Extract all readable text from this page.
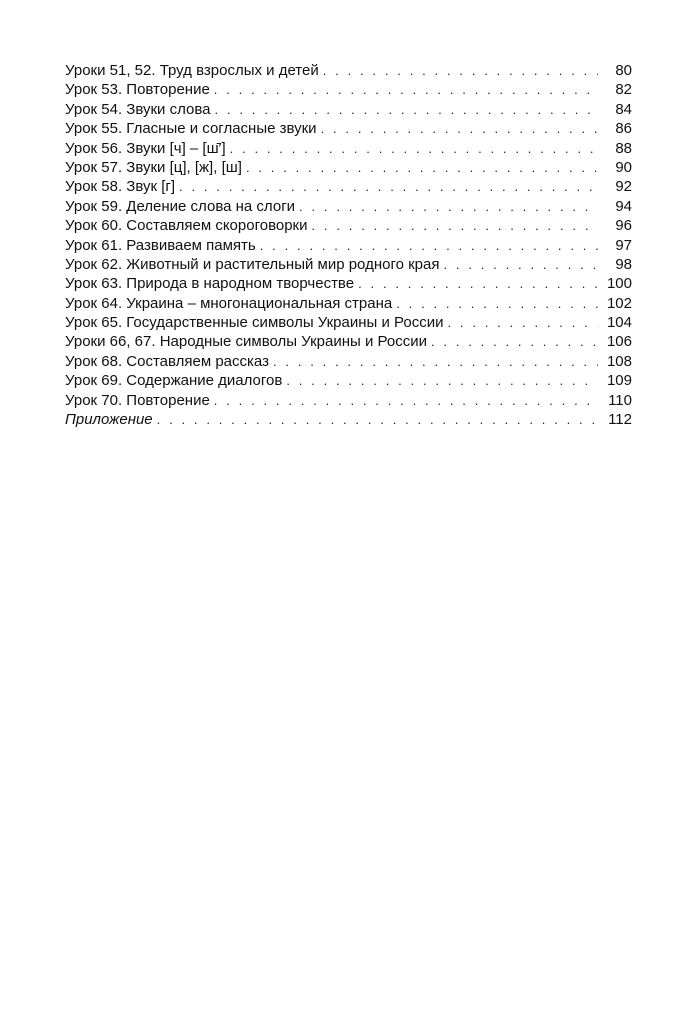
Уроки 51, 52. Труд взрослых и детей . . .	80
Урок 53. Повторение . . .	82
Урок 54. Звуки слова . . .	84
Урок 55. Гласные и согласные звуки . . .	86
Урок 56. Звуки [ч] – [ш̄′] . . .	88
Урок 57. Звуки [ц], [ж], [ш] . . .	90
Урок 58. Звук [г] . . .	92
Урок 59. Деление слова на слоги . . .	94
Урок 60. Составляем скороговорки . . .	96
Урок 61. Развиваем память . . .	97
Урок 62. Животный и растительный мир родного края . . .	98
Урок 63. Природа в народном творчестве . . .	100
Урок 64. Украина – многонациональная страна . . .	102
Урок 65. Государственные символы Украины и России . . .	104
Уроки 66, 67. Народные символы Украины и России . . .	106
Урок 68. Составляем рассказ . . .	108
Урок 69. Содержание диалогов . . .	109
Урок 70. Повторение . . .	110
Приложение . . .	112
